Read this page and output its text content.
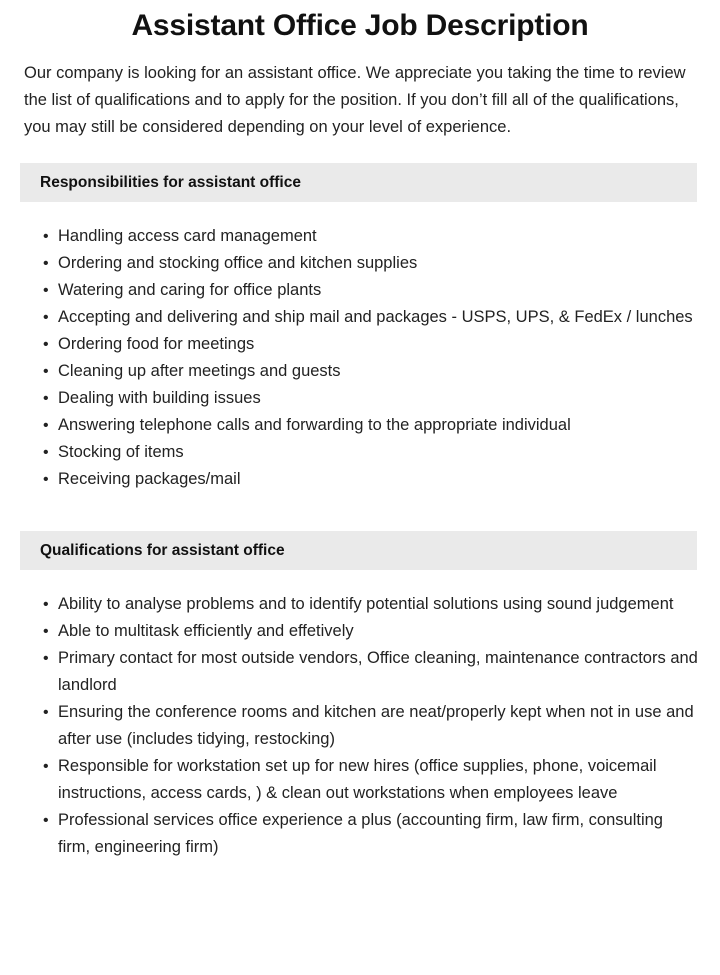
Assistant Office Job Description

Our company is looking for an assistant office. We appreciate you taking the time to review the list of qualifications and to apply for the position. If you don’t fill all of the qualifications, you may still be considered depending on your level of experience.

Responsibilities for assistant office
• Handling access card management
• Ordering and stocking office and kitchen supplies
• Watering and caring for office plants
• Accepting and delivering and ship mail and packages - USPS, UPS, & FedEx / lunches
• Ordering food for meetings
• Cleaning up after meetings and guests
• Dealing with building issues
• Answering telephone calls and forwarding to the appropriate individual
• Stocking of items
• Receiving packages/mail
Qualifications for assistant office
• Ability to analyse problems and to identify potential solutions using sound judgement
• Able to multitask efficiently and effetively
• Primary contact for most outside vendors, Office cleaning, maintenance contractors and landlord
• Ensuring the conference rooms and kitchen are neat/properly kept when not in use and after use (includes tidying, restocking)
• Responsible for workstation set up for new hires (office supplies, phone, voicemail instructions, access cards, ) & clean out workstations when employees leave
• Professional services office experience a plus (accounting firm, law firm, consulting firm, engineering firm)
